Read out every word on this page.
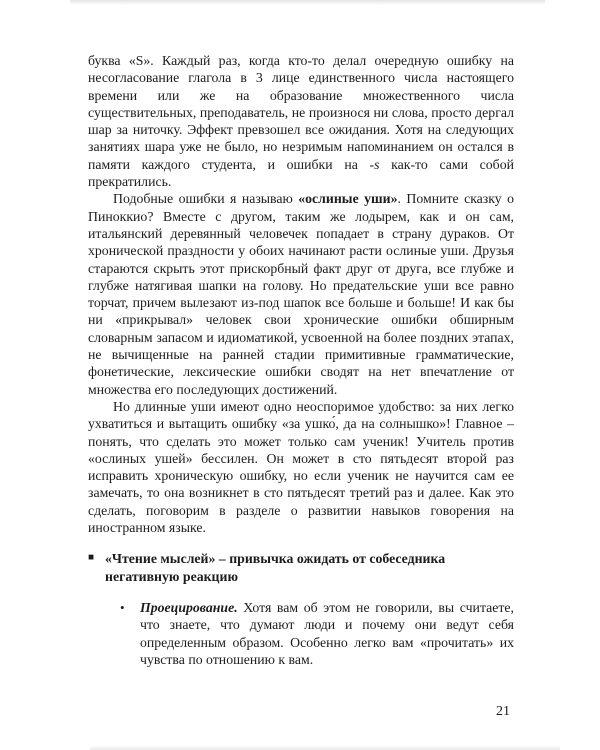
буква «S». Каждый раз, когда кто-то делал очередную ошибку на несогласование глагола в 3 лице единственного числа настоящего времени или же на образование множественного числа существительных, преподаватель, не произнося ни слова, просто дергал шар за ниточку. Эффект превзошел все ожидания. Хотя на следующих занятиях шара уже не было, но незримым напоминанием он остался в памяти каждого студента, и ошибки на -s как-то сами собой прекратились.

Подобные ошибки я называю «ослиные уши». Помните сказку о Пиноккио? Вместе с другом, таким же лодырем, как и он сам, итальянский деревянный человечек попадает в страну дураков. От хронической праздности у обоих начинают расти ослиные уши. Друзья стараются скрыть этот прискорбный факт друг от друга, все глубже и глубже натягивая шапки на голову. Но предательские уши все равно торчат, причем вылезают из-под шапок все больше и больше! И как бы ни «прикрывал» человек свои хронические ошибки обширным словарным запасом и идиоматикой, усвоенной на более поздних этапах, не вычищенные на ранней стадии примитивные грамматические, фонетические, лексические ошибки сводят на нет впечатление от множества его последующих достижений.

Но длинные уши имеют одно неоспоримое удобство: за них легко ухватиться и вытащить ошибку «за ушко́, да на солнышко»! Главное – понять, что сделать это может только сам ученик! Учитель против «ослиных ушей» бессилен. Он может в сто пятьдесят второй раз исправить хроническую ошибку, но если ученик не научится сам ее замечать, то она возникнет в сто пятьдесят третий раз и далее. Как это сделать, поговорим в разделе о развитии навыков говорения на иностранном языке.

■ «Чтение мыслей» – привычка ожидать от собеседника негативную реакцию
• Проецирование. Хотя вам об этом не говорили, вы считаете, что знаете, что думают люди и почему они ведут себя определенным образом. Особенно легко вам «прочитать» их чувства по отношению к вам.
21
